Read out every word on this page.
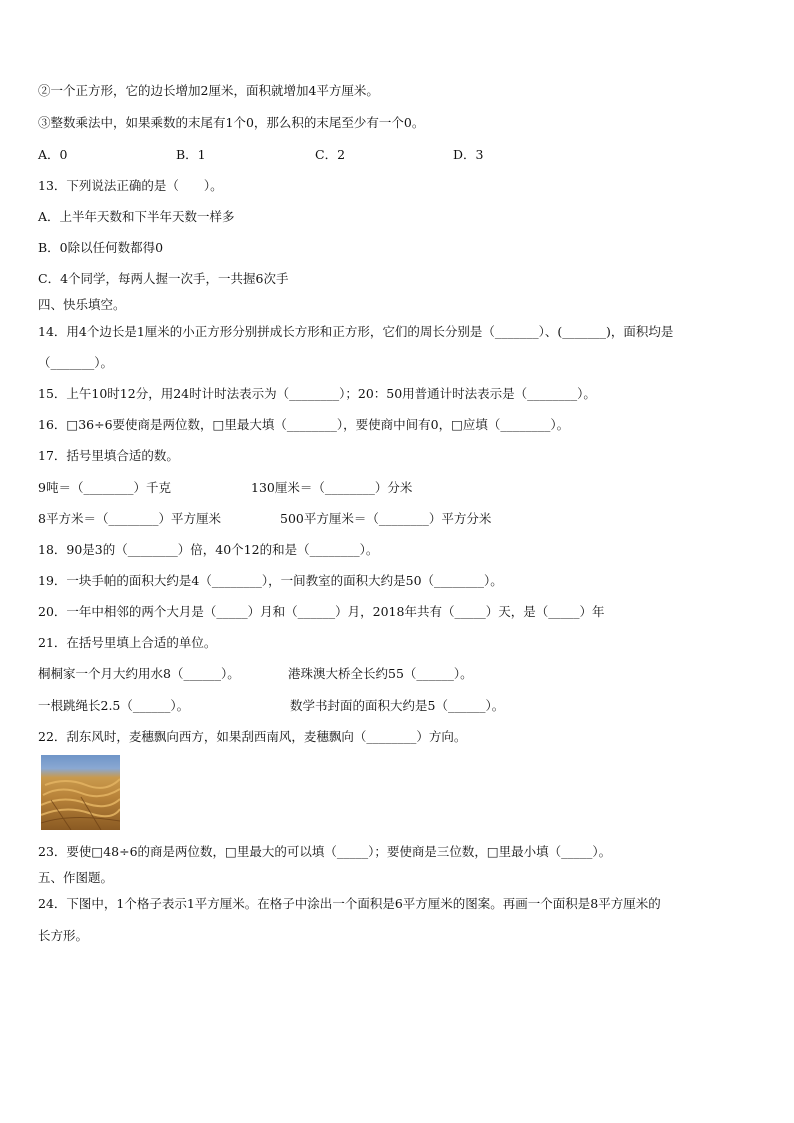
②一个正方形，它的边长增加2厘米，面积就增加4平方厘米。
③整数乘法中，如果乘数的末尾有1个0，那么积的末尾至少有一个0。
A．0	B．1	C．2	D．3
13．下列说法正确的是（　　）。
A．上半年天数和下半年天数一样多
B．0除以任何数都得0
C．4个同学，每两人握一次手，一共握6次手
四、快乐填空。
14．用4个边长是1厘米的小正方形分别拼成长方形和正方形，它们的周长分别是（_______）、(_______)，面积均是
（_______）。
15．上午10时12分，用24时计时法表示为（________）；20：50用普通计时法表示是（________）。
16．□36÷6要使商是两位数，□里最大填（________），要使商中间有0，□应填（________）。
17．括号里填合适的数。
9吨＝（________）千克	130厘米＝（________）分米
8平方米＝（________）平方厘米	500平方厘米＝（________）平方分米
18．90是3的（________）倍，40个12的和是（________）。
19．一块手帕的面积大约是4（________），一间教室的面积大约是50（________）。
20．一年中相邻的两个大月是（_____）月和（______）月，2018年共有（_____）天，是（_____）年
21．在括号里填上合适的单位。
桐桐家一个月大约用水8（______）。	港珠澳大桥全长约55（______）。
一根跳绳长2.5（______）。	数学书封面的面积大约是5（______）。
22．刮东风时，麦穗飘向西方，如果刮西南风，麦穗飘向（________）方向。
23．要使□48÷6的商是两位数，□里最大的可以填（_____）；要使商是三位数，□里最小填（_____）。
五、作图题。
24．下图中，1个格子表示1平方厘米。在格子中涂出一个面积是6平方厘米的图案。再画一个面积是8平方厘米的
长方形。
